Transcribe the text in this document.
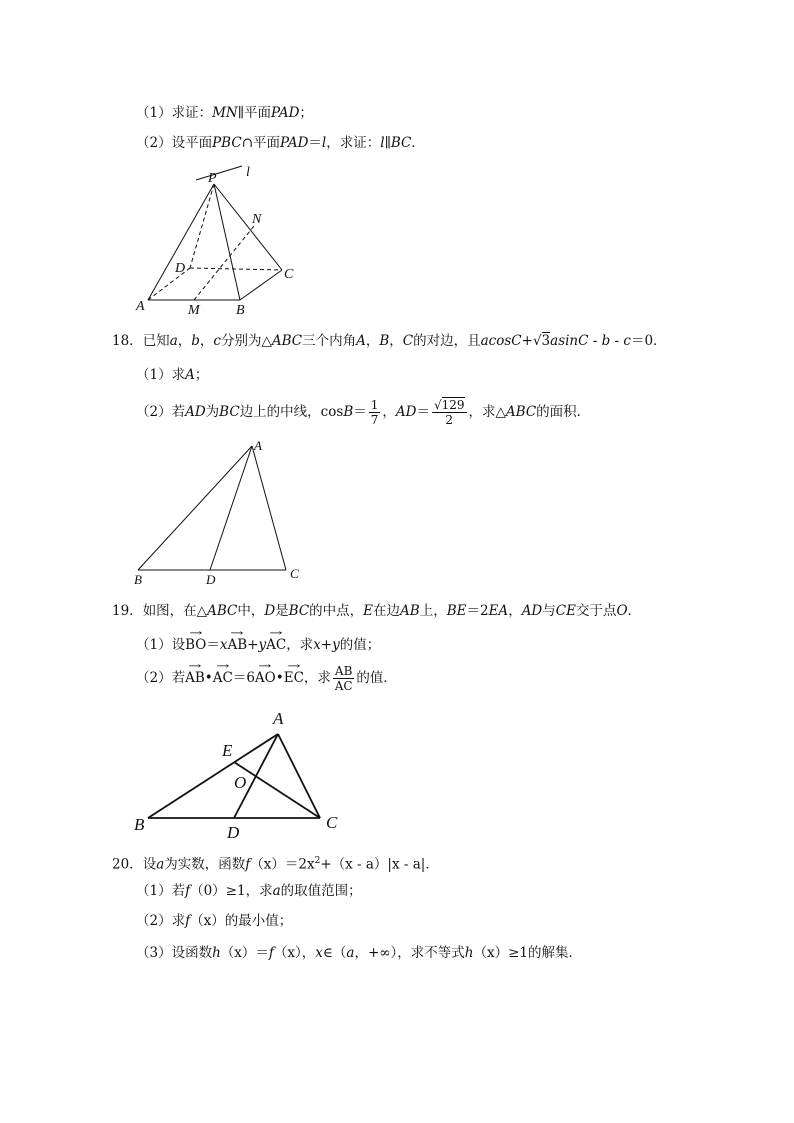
（1）求证：MN∥平面PAD；
（2）设平面PBC∩平面PAD＝l，求证：l∥BC．
P l
N
D	C
A	M	B
18．已知a，b，c分别为△ABC三个内角A，B，C的对边，且acosC+√3asinC - b - c＝0．
（1）求A；
（2）若AD为BC边上的中线，$\cos B= \frac{1}{7}$ ，$AD= \frac{√129}{2}$ ，求△ABC的面积．
A
B	D	C
19．如图，在△ABC中，D是BC的中点，E在边AB上，BE＝2EA，AD与CE交于点O．
（1）设→ BO＝x→ AB+y→ AC，求x+y的值；
（2）若→ AB•→ AC＝6→ AO•→ EC，求 $\frac{AB}{AC}$ 的值．
A
E
O
B	D
C
20．设a为实数，函数$f(x)=2x^2+(x - a)|x - a|$．
（1）若f（0）≥1，求a的取值范围；
（2）求f（x）的最小值；
（3）设函数h（x）＝f（x），x∈（a，+∞），求不等式h（x）≥1的解集．
